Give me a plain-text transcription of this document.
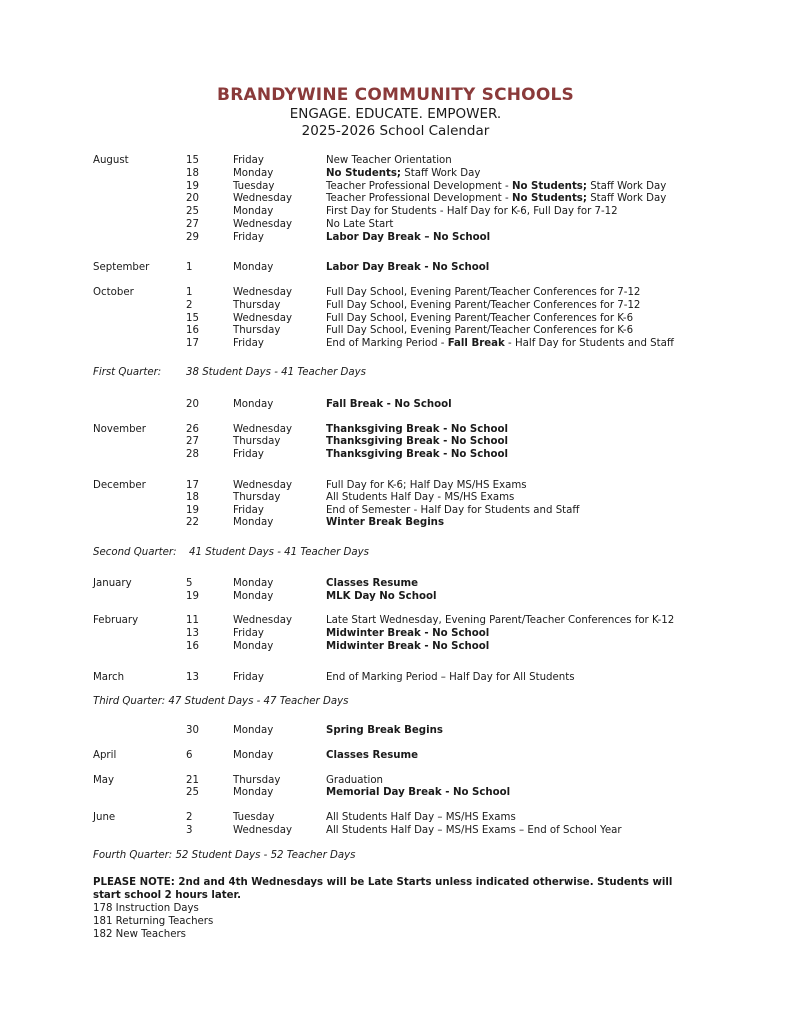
BRANDYWINE COMMUNITY SCHOOLS
ENGAGE. EDUCATE. EMPOWER.
2025-2026 School Calendar
August	15	Friday	New Teacher Orientation
18	Monday	No Students; Staff Work Day
19	Tuesday	Teacher Professional Development - No Students; Staff Work Day
20	Wednesday	Teacher Professional Development - No Students; Staff Work Day
25	Monday	First Day for Students - Half Day for K-6, Full Day for 7-12
27	Wednesday	No Late Start
29	Friday	Labor Day Break – No School
September	1	Monday	Labor Day Break - No School
October	1	Wednesday	Full Day School, Evening Parent/Teacher Conferences for 7-12
2	Thursday	Full Day School, Evening Parent/Teacher Conferences for 7-12
15	Wednesday	Full Day School, Evening Parent/Teacher Conferences for K-6
16	Thursday	Full Day School, Evening Parent/Teacher Conferences for K-6
17	Friday	End of Marking Period - Fall Break - Half Day for Students and Staff
20	Monday	Fall Break - No School
November	26	Wednesday	Thanksgiving Break - No School
27	Thursday	Thanksgiving Break - No School
28	Friday	Thanksgiving Break - No School
December	17	Wednesday	Full Day for K-6; Half Day MS/HS Exams
18	Thursday	All Students Half Day - MS/HS Exams
19	Friday	End of Semester - Half Day for Students and Staff
22	Monday	Winter Break Begins
January	5	Monday	Classes Resume
19	Monday	MLK Day No School
February	11	Wednesday	Late Start Wednesday, Evening Parent/Teacher Conferences for K-12
13	Friday	Midwinter Break - No School
16	Monday	Midwinter Break - No School
March	13	Friday	End of Marking Period – Half Day for All Students
30	Monday	Spring Break Begins
April	6	Monday	Classes Resume
May	21	Thursday	Graduation
25	Monday	Memorial Day Break - No School
June	2	Tuesday	All Students Half Day – MS/HS Exams
3	Wednesday	All Students Half Day – MS/HS Exams – End of School Year
First Quarter: 38 Student Days - 41 Teacher Days
Second Quarter: 41 Student Days - 41 Teacher Days
Third Quarter: 47 Student Days - 47 Teacher Days
Fourth Quarter: 52 Student Days - 52 Teacher Days
PLEASE NOTE: 2nd and 4th Wednesdays will be Late Starts unless indicated otherwise. Students will start school 2 hours later.
178 Instruction Days
181 Returning Teachers
182 New Teachers
